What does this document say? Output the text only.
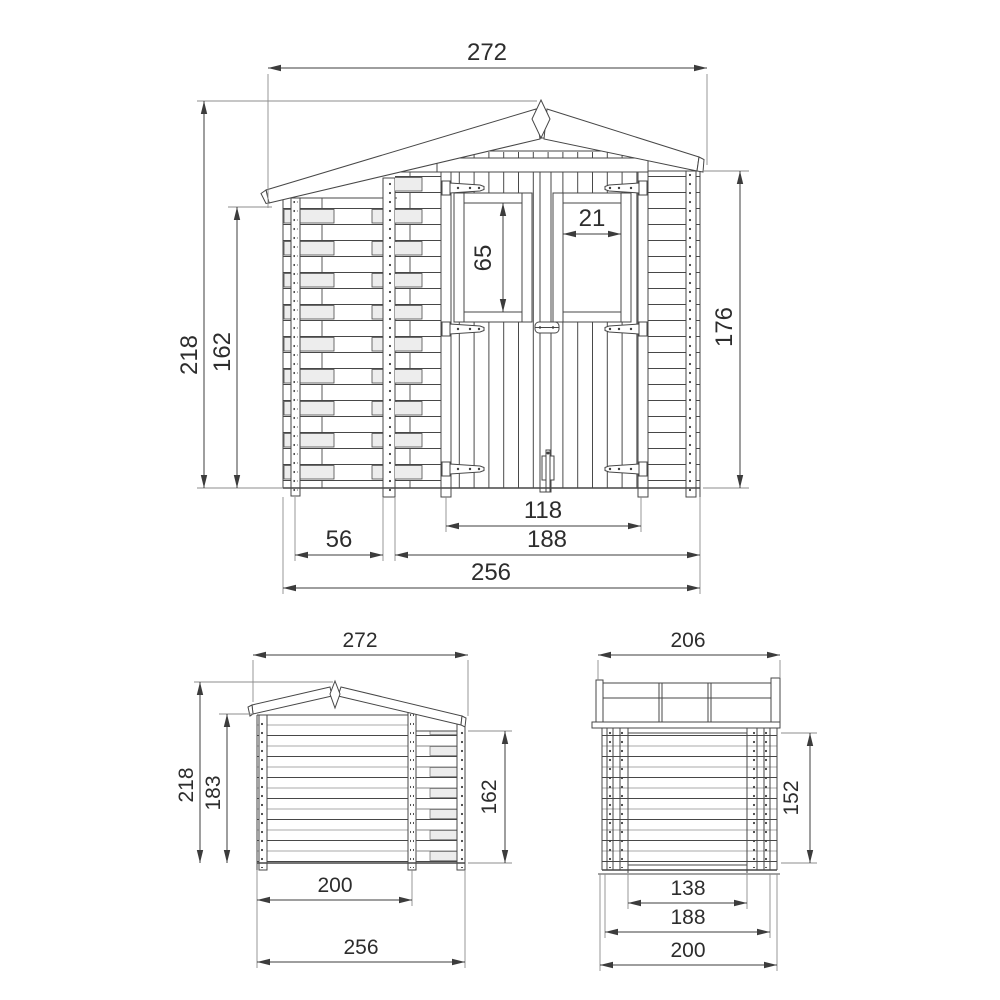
272
218 162
176
65
21
118
56	188
256
272
218 183	162
200
256
206
152
138
188
200
